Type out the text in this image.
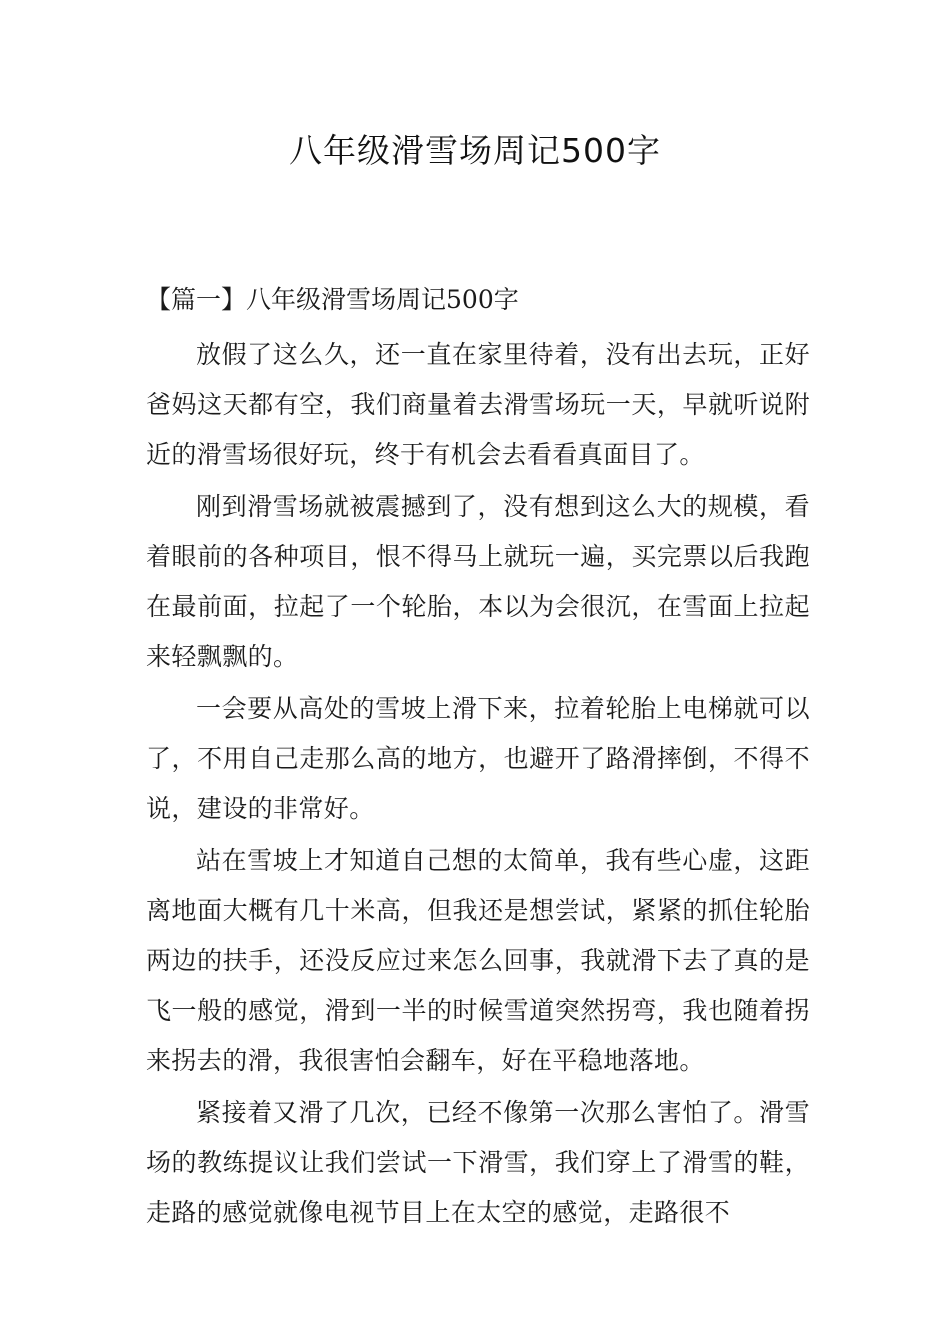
八年级滑雪场周记500字
【篇一】八年级滑雪场周记500字

放假了这么久，还一直在家里待着，没有出去玩，正好爸妈这天都有空，我们商量着去滑雪场玩一天，早就听说附近的滑雪场很好玩，终于有机会去看看真面目了。

刚到滑雪场就被震撼到了，没有想到这么大的规模，看着眼前的各种项目，恨不得马上就玩一遍，买完票以后我跑在最前面，拉起了一个轮胎，本以为会很沉，在雪面上拉起来轻飘飘的。

一会要从高处的雪坡上滑下来，拉着轮胎上电梯就可以了，不用自己走那么高的地方，也避开了路滑摔倒，不得不说，建设的非常好。

站在雪坡上才知道自己想的太简单，我有些心虚，这距离地面大概有几十米高，但我还是想尝试，紧紧的抓住轮胎两边的扶手，还没反应过来怎么回事，我就滑下去了真的是飞一般的感觉，滑到一半的时候雪道突然拐弯，我也随着拐来拐去的滑，我很害怕会翻车，好在平稳地落地。

紧接着又滑了几次，已经不像第一次那么害怕了。滑雪场的教练提议让我们尝试一下滑雪，我们穿上了滑雪的鞋，走路的感觉就像电视节目上在太空的感觉，走路很不
